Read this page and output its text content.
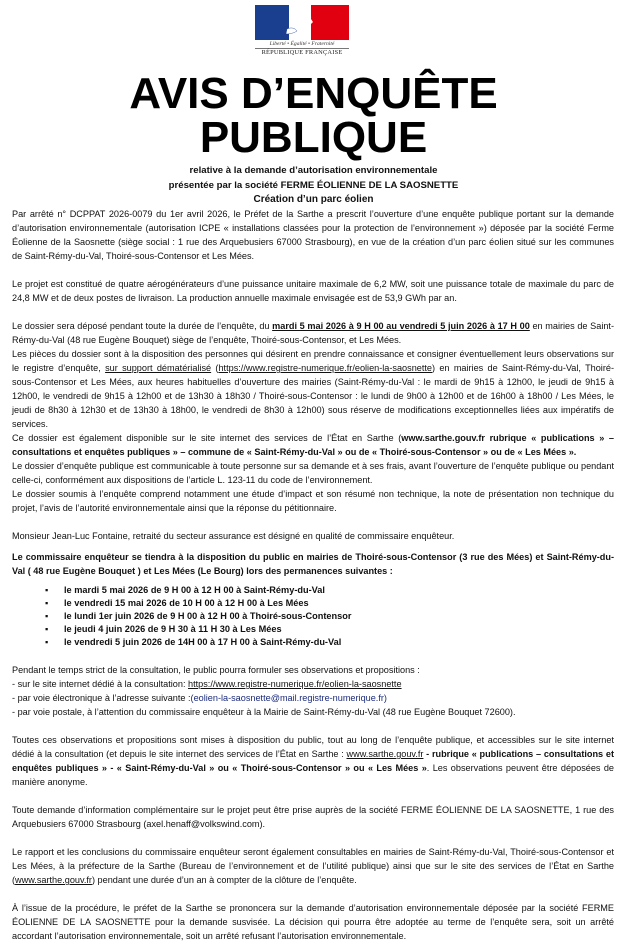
Liberté • Égalité • Fraternité
RÉPUBLIQUE FRANÇAISE
AVIS D’ENQUÊTE
PUBLIQUE
relative à la demande d’autorisation environnementale
présentée par la société FERME ÉOLIENNE DE LA SAOSNETTE
Création d’un parc éolien

Par arrêté n° DCPPAT 2026-0079 du 1er avril 2026, le Préfet de la Sarthe a prescrit l’ouverture d’une enquête publique portant sur la demande d’autorisation environnementale (autorisation ICPE « installations classées pour la protection de l’environnement ») déposée par la société Ferme Éolienne de la Saosnette (siège social : 1 rue des Arquebusiers 67000 Strasbourg), en vue de la création d’un parc éolien situé sur les communes de Saint-Rémy-du-Val, Thoiré-sous-Contensor et Les Mées.

Le projet est constitué de quatre aérogénérateurs d’une puissance unitaire maximale de 6,2 MW, soit une puissance totale de maximale du parc de 24,8 MW et de deux postes de livraison. La production annuelle maximale envisagée est de 53,9 GWh par an.

Le dossier sera déposé pendant toute la durée de l’enquête, du mardi 5 mai 2026 à 9 H 00 au vendredi 5 juin 2026 à 17 H 00 en mairies de Saint-Rémy-du-Val (48 rue Eugène Bouquet) siège de l’enquête, Thoiré-sous-Contensor, et Les Mées.

Les pièces du dossier sont à la disposition des personnes qui désirent en prendre connaissance et consigner éventuellement leurs observations sur le registre d’enquête, sur support dématérialisé (https://www.registre-numerique.fr/eolien-la-saosnette) en mairies de Saint-Rémy-du-Val, Thoiré-sous-Contensor et Les Mées, aux heures habituelles d’ouverture des mairies (Saint-Rémy-du-Val : le mardi de 9h15 à 12h00, le jeudi de 9h15 à 12h00, le vendredi de 9h15 à 12h00 et de 13h30 à 18h30 / Thoiré-sous-Contensor : le lundi de 9h00 à 12h00 et de 16h00 à 18h00 / Les Mées, le jeudi de 8h30 à 12h30 et de 13h30 à 18h00, le vendredi de 8h30 à 12h00) sous réserve de modifications exceptionnelles liées aux impératifs de services.

Ce dossier est également disponible sur le site internet des services de l’État en Sarthe (www.sarthe.gouv.fr rubrique « publications » – consultations et enquêtes publiques » – commune de « Saint-Rémy-du-Val » ou de « Thoiré-sous-Contensor » ou de « Les Mées ».

Le dossier d’enquête publique est communicable à toute personne sur sa demande et à ses frais, avant l’ouverture de l’enquête publique ou pendant celle-ci, conformément aux dispositions de l’article L. 123-11 du code de l’environnement.

Le dossier soumis à l’enquête comprend notamment une étude d’impact et son résumé non technique, la note de présentation non technique du projet, l’avis de l’autorité environnementale ainsi que la réponse du pétitionnaire.

Monsieur Jean-Luc Fontaine, retraité du secteur assurance est désigné en qualité de commissaire enquêteur.

Le commissaire enquêteur se tiendra à la disposition du public en mairies de Thoiré-sous-Contensor (3 rue des Mées) et Saint-Rémy-du-Val ( 48 rue Eugène Bouquet ) et Les Mées (Le Bourg) lors des permanences suivantes :

▪ le mardi 5 mai 2026 de 9 H 00 à 12 H 00 à Saint-Rémy-du-Val
▪ le vendredi 15 mai 2026 de 10 H 00 à 12 H 00 à Les Mées
▪ le lundi 1er juin 2026 de 9 H 00 à 12 H 00 à Thoiré-sous-Contensor
▪ le jeudi 4 juin 2026 de 9 H 30 à 11 H 30 à Les Mées
▪ le vendredi 5 juin 2026 de 14H 00 à 17 H 00 à Saint-Rémy-du-Val

Pendant le temps strict de la consultation, le public pourra formuler ses observations et propositions :

- sur le site internet dédié à la consultation: https://www.registre-numerique.fr/eolien-la-saosnette

- par voie électronique à l’adresse suivante :(eolien-la-saosnette@mail.registre-numerique.fr)

- par voie postale, à l’attention du commissaire enquêteur à la Mairie de Saint-Rémy-du-Val (48 rue Eugène Bouquet 72600).

Toutes ces observations et propositions sont mises à disposition du public, tout au long de l’enquête publique, et accessibles sur le site internet dédié à la consultation (et depuis le site internet des services de l’État en Sarthe : www.sarthe.gouv.fr - rubrique « publications – consultations et enquêtes publiques » - « Saint-Rémy-du-Val » ou « Thoiré-sous-Contensor » ou « Les Mées ». Les observations peuvent être déposées de manière anonyme.

Toute demande d’information complémentaire sur le projet peut être prise auprès de la société FERME ÉOLIENNE DE LA SAOSNETTE, 1 rue des Arquebusiers 67000 Strasbourg (axel.henaff@volkswind.com).

Le rapport et les conclusions du commissaire enquêteur seront également consultables en mairies de Saint-Rémy-du-Val, Thoiré-sous-Contensor et Les Mées, à la préfecture de la Sarthe (Bureau de l’environnement et de l’utilité publique) ainsi que sur le site des services de l’État en Sarthe (www.sarthe.gouv.fr) pendant une durée d’un an à compter de la clôture de l’enquête.

À l’issue de la procédure, le préfet de la Sarthe se prononcera sur la demande d’autorisation environnementale déposée par la société FERME ÉOLIENNE DE LA SAOSNETTE pour la demande susvisée. La décision qui pourra être adoptée au terme de l’enquête sera, soit un arrêté accordant l’autorisation environnementale, soit un arrêté refusant l’autorisation environnementale.
